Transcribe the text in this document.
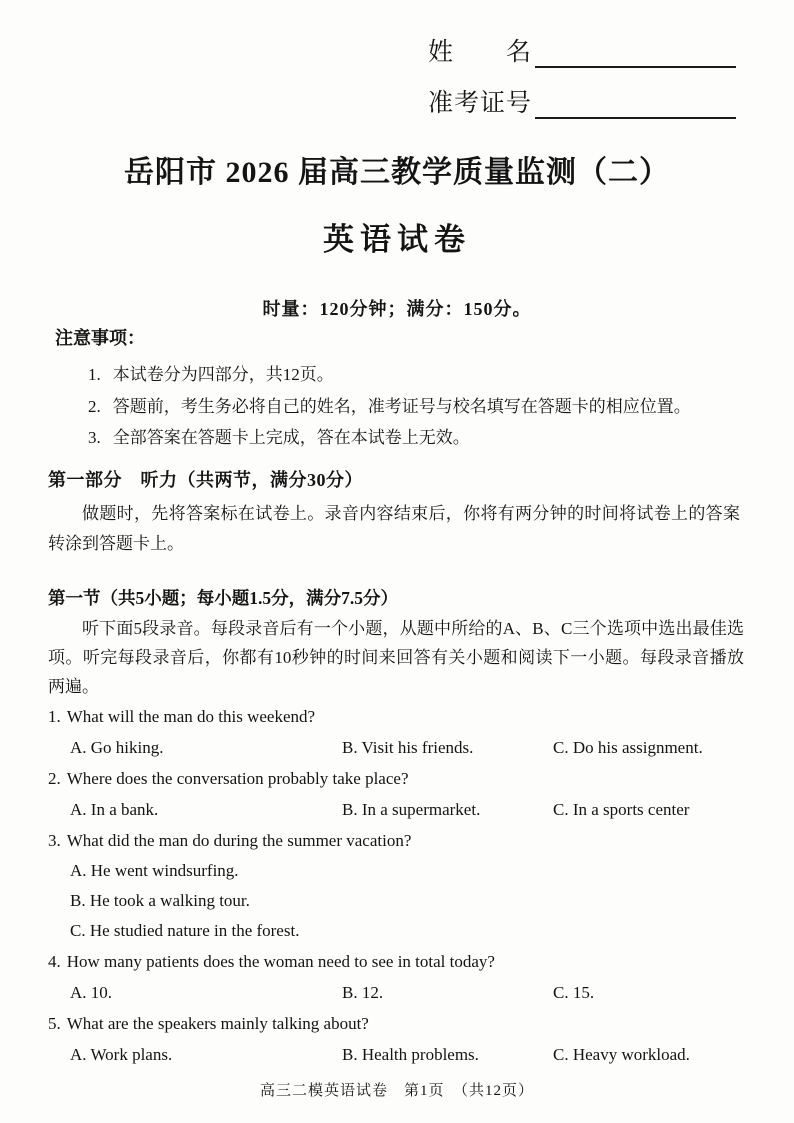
姓　　名
准考证号
岳阳市 2026 届高三教学质量监测（二）
英语试卷
时量：120分钟；满分：150分。
注意事项：
1. 本试卷分为四部分，共12页。
2. 答题前，考生务必将自己的姓名，准考证号与校名填写在答题卡的相应位置。
3. 全部答案在答题卡上完成，答在本试卷上无效。
第一部分　听力（共两节，满分30分）
做题时，先将答案标在试卷上。录音内容结束后，你将有两分钟的时间将试卷上的答案转涂到答题卡上。
第一节（共5小题；每小题1.5分，满分7.5分）
听下面5段录音。每段录音后有一个小题，从题中所给的A、B、C三个选项中选出最佳选项。听完每段录音后，你都有10秒钟的时间来回答有关小题和阅读下一小题。每段录音播放两遍。
1. What will the man do this weekend?
A. Go hiking.	B. Visit his friends.	C. Do his assignment.
2. Where does the conversation probably take place?
A. In a bank.	B. In a supermarket.	C. In a sports center
3. What did the man do during the summer vacation?
A. He went windsurfing.
B. He took a walking tour.
C. He studied nature in the forest.
4. How many patients does the woman need to see in total today?
A. 10.	B. 12.	C. 15.
5. What are the speakers mainly talking about?
A. Work plans.	B. Health problems.	C. Heavy workload.
高三二模英语试卷　第1页　（共12页）
